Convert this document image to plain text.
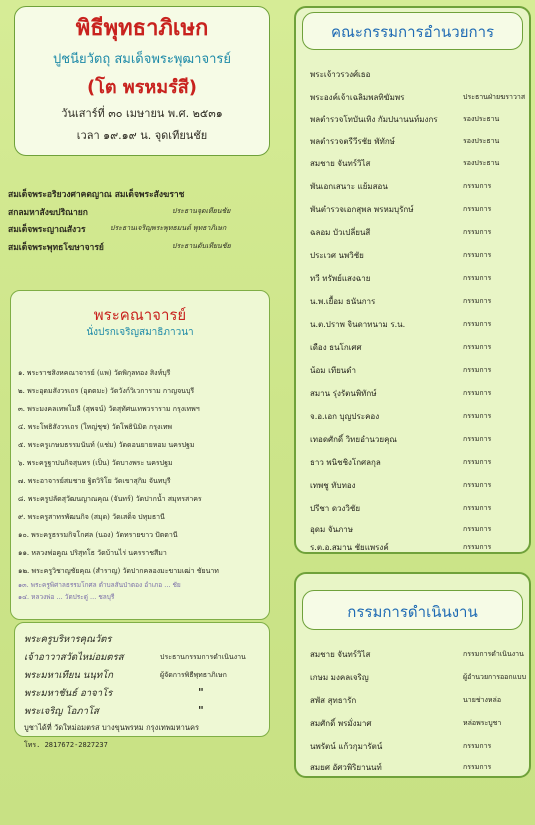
พิธีพุทธาภิเษก
ปูชนียวัตถุ สมเด็จพระพุฒาจารย์
(โต พรหมรํสี)
วันเสาร์ที่ ๓๐ เมษายน พ.ศ. ๒๕๓๑
เวลา ๑๙.๑๙ น. จุดเทียนชัย
สมเด็จพระอริยวงศาคตญาณ สมเด็จพระสังฆราช
สกลมหาสังฆปริณายก	ประธานจุดเทียนชัย
สมเด็จพระญาณสังวร	ประธานเจริญพระพุทธมนต์ พุทธาภิเษก
สมเด็จพระพุทธโฆษาจารย์	ประธานดับเทียนชัย
พระคณาจารย์
นั่งปรกเจริญสมาธิภาวนา
๑. พระราชสิงหคณาจารย์ (แพ) วัดพิกุลทอง สิงห์บุรี
๒. พระอุดมสังวรเถร (อุตตมะ) วัดวังก์วิเวการาม กาญจนบุรี
๓. พระมงคลเทพโมลี (สุพจน์) วัดสุทัศนเทพวราราม กรุงเทพฯ
๔. พระโพธิสังวรเถร (ใหญ่ชุช) วัดโพธินิมิต กรุงเทพ
๕. พระครูเกษมธรรมนันท์ (แช่ม) วัดดอนยายหอม นครปฐม
๖. พระครูฐาปนกิจสุนทร (เป็น) วัดบางพระ นครปฐม
๗. พระอาจารย์สมชาย ฐิตวิริโย วัดเขาสุกิม จันทบุรี
๘. พระครูปลัดสุวัฒนญาณคุณ (จันทร์) วัดปากน้ำ สมุทรสาคร
๙. พระครูสาทรพัฒนกิจ (สมุด) วัดเสด็จ ปทุมธานี
๑๐. พระครูธรรมกิจโกศล (นอง) วัดทรายขาว ปัตตานี
๑๑. หลวงพ่อคูณ ปริสุทโธ วัดบ้านไร่ นครราชสีมา
๑๒. พระครูวิชาญชัยคุณ (สำราญ) วัดปากคลองมะขามเฒ่า ชัยนาท
๑๓. พระครูพิศาลธรรมโกศล ตำบลสันป่าตอง อำเภอ ... ชัย
๑๔. หลวงพ่อ ... วัดประดู่ ... ชลบุรี
พระครูบริหารคุณวัตร
เจ้าอาวาสวัดไหม่อมตรส	ประธานกรรมการดำเนินงาน
พระมหาเทียน นนฺทโก	ผู้จัดการพิธีพุทธาภิเษก
พระมหาชันธ์ อาจาโร	"
พระเจริญ โอภาโส	"
บูชาได้ที่ วัดใหม่อมตรส บางขุนพรหม กรุงเทพมหานคร
โทร. 2817672-2827237
คณะกรรมการอำนวยการ
พระเจ้าวรวงศ์เธอ
พระองค์เจ้าเฉลิมพลทิฆัมพร	ประธานฝ่ายฆราวาส
พลตำรวจโทบันเทิง กัมปนานนท์มงกร	รองประธาน
พลตำรวจตรีวีรชัย พัทักษ์	รองประธาน
สมชาย จันทร์วิไส	รองประธาน
พันเอกเสนาะ แย้มสอน	กรรมการ
พันตำรวจเอกสุพล พรหมบุรักษ์	กรรมการ
ฉลอม บัวเปลี่ยนสี	กรรมการ
ประเวศ นพวิชัย	กรรมการ
ทวี ทรัพย์แสงฉาย	กรรมการ
น.พ.เยื้อม ธนันการ	กรรมการ
น.ต.ปราพ จินดาทนาม ร.น.	กรรมการ
เดือง ธนโกเศศ	กรรมการ
น้อม เทียนดำ	กรรมการ
สมาน รุ่งรัตนพิทักษ์	กรรมการ
จ.อ.เอก บุญประคอง	กรรมการ
เทอดศักดิ์ วิทยอำนวยคุณ	กรรมการ
ธาว พนิชชิงโกศลกุล	กรรมการ
เทพชู ทับทอง	กรรมการ
ปรีชา ดวงวิชัย	กรรมการ
อุดม จันภาษ	กรรมการ
ร.ต.อ.สมาน ชัยแพรงค์	กรรมการ
กรรมการดำเนินงาน
สมชาย จันทร์วิไส	กรรมการดำเนินงาน
เกษม มงคลเจริญ	ผู้อำนวยการออกแบบ
สพัส สุทธารัก	นายช่างหล่อ
สมศักดิ์ พรมั่งมาศ	หล่อพระบูชา
นพรัตน์ แก้วกุมารัตน์	กรรมการ
สมยศ อัศวพิริยานนท์	กรรมการ
